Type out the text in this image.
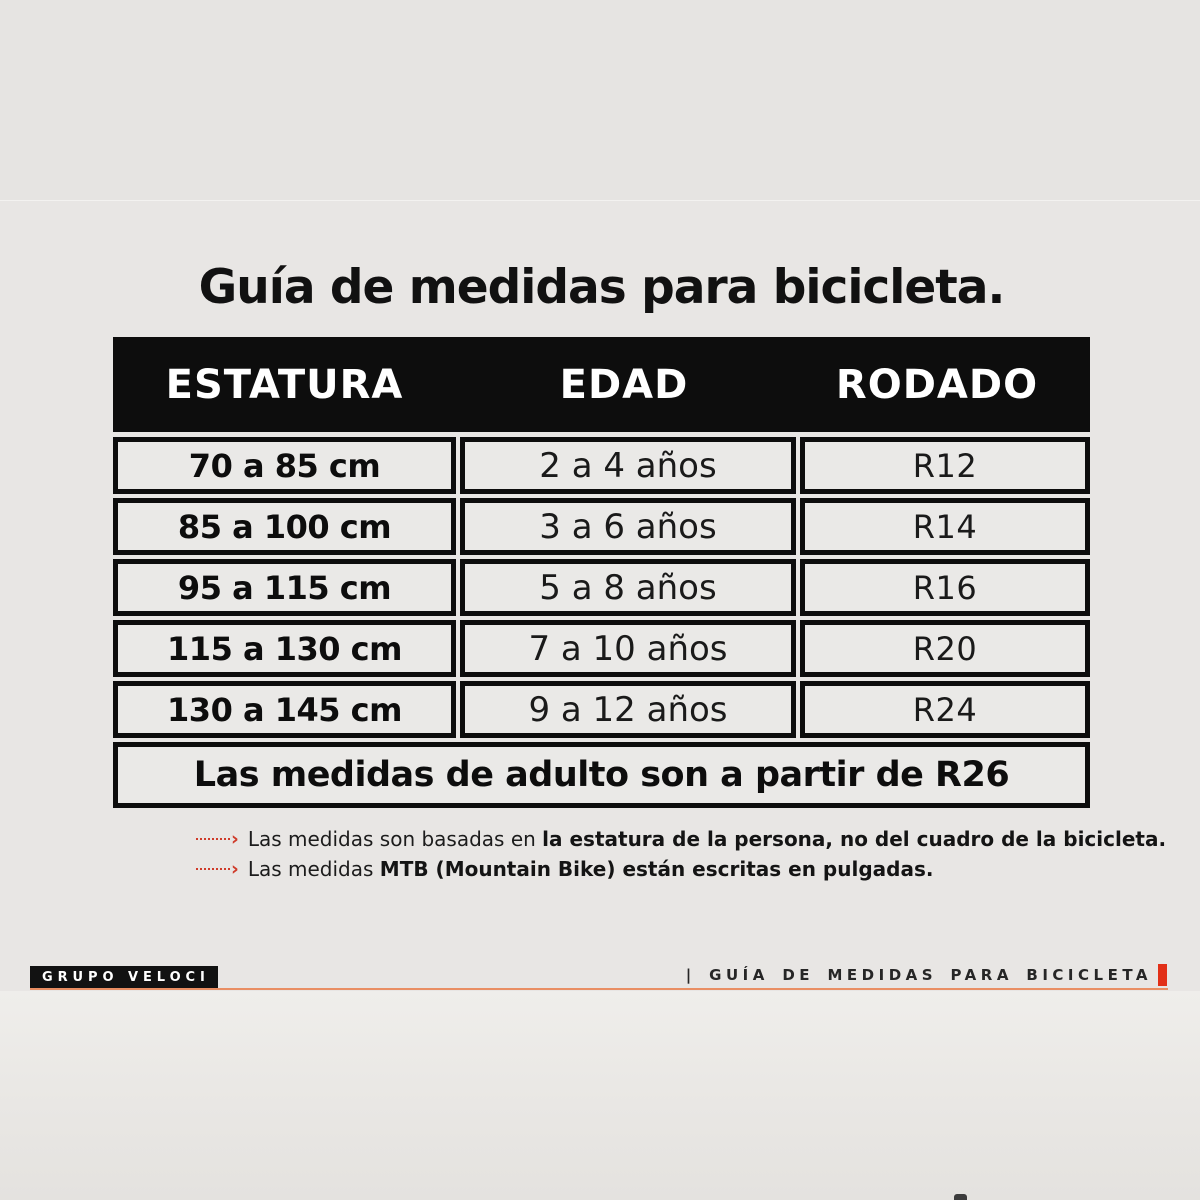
Guía de medidas para bicicleta.
ESTATURA	EDAD	RODADO
70 a 85 cm	2 a 4 años	R12
85 a 100 cm	3 a 6 años	R14
95 a 115 cm	5 a 8 años	R16
115 a 130 cm	7 a 10 años	R20
130 a 145 cm	9 a 12 años	R24
Las medidas de adulto son a partir de R26
› Las medidas son basadas en la estatura de la persona, no del cuadro de la bicicleta.
› Las medidas MTB (Mountain Bike) están escritas en pulgadas.
GRUPO VELOCI	| GUÍA DE MEDIDAS PARA BICICLETA
